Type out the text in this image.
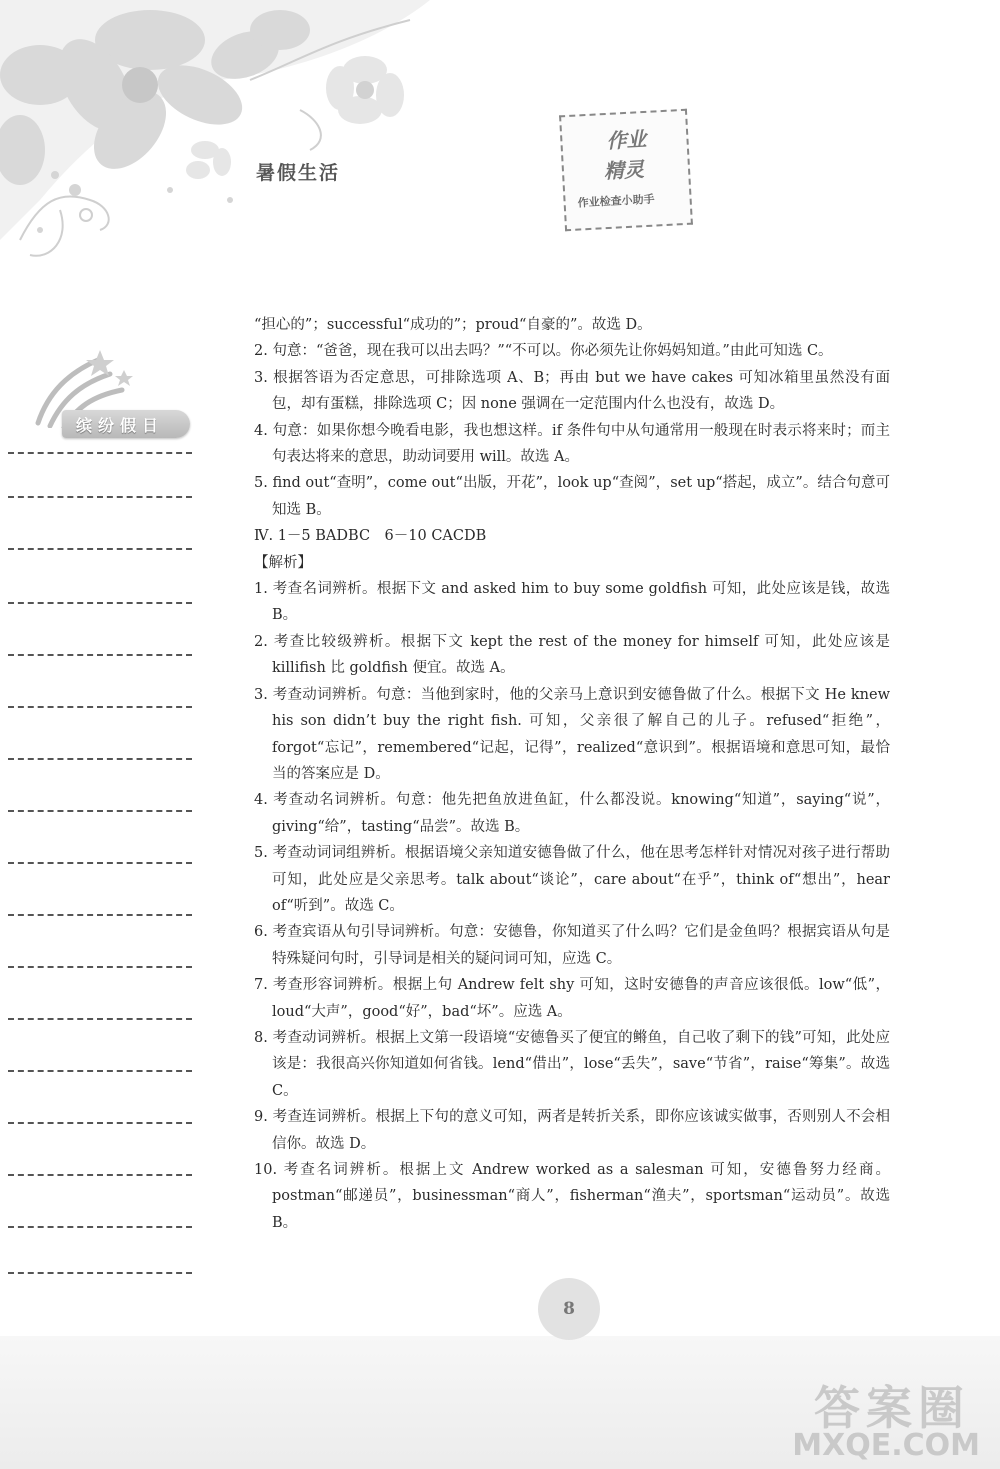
暑假生活
作业
精灵
作业检查小助手
缤纷假日

“担心的”；successful“成功的”；proud“自豪的”。故选 D。

2. 句意：“爸爸，现在我可以出去吗？”“不可以。你必须先让你妈妈知道。”由此可知选 C。

3. 根据答语为否定意思，可排除选项 A、B；再由 but we have cakes 可知冰箱里虽然没有面包，却有蛋糕，排除选项 C；因 none 强调在一定范围内什么也没有，故选 D。

4. 句意：如果你想今晚看电影，我也想这样。if 条件句中从句通常用一般现在时表示将来时；而主句表达将来的意思，助动词要用 will。故选 A。

5. find out“查明”，come out“出版，开花”，look up“查阅”，set up“搭起，成立”。结合句意可知选 B。

Ⅳ. 1－5 BADBC　6－10 CACDB

【解析】

1. 考查名词辨析。根据下文 and asked him to buy some goldfish 可知，此处应该是钱，故选 B。

2. 考查比较级辨析。根据下文 kept the rest of the money for himself 可知，此处应该是 killifish 比 goldfish 便宜。故选 A。

3. 考查动词辨析。句意：当他到家时，他的父亲马上意识到安德鲁做了什么。根据下文 He knew his son didn’t buy the right fish. 可知，父亲很了解自己的儿子。refused“拒绝”，forgot“忘记”，remembered“记起，记得”，realized“意识到”。根据语境和意思可知，最恰当的答案应是 D。

4. 考查动名词辨析。句意：他先把鱼放进鱼缸，什么都没说。knowing“知道”，saying“说”，giving“给”，tasting“品尝”。故选 B。

5. 考查动词词组辨析。根据语境父亲知道安德鲁做了什么，他在思考怎样针对情况对孩子进行帮助可知，此处应是父亲思考。talk about“谈论”，care about“在乎”，think of“想出”，hear of“听到”。故选 C。

6. 考查宾语从句引导词辨析。句意：安德鲁，你知道买了什么吗？它们是金鱼吗？根据宾语从句是特殊疑问句时，引导词是相关的疑问词可知，应选 C。

7. 考查形容词辨析。根据上句 Andrew felt shy 可知，这时安德鲁的声音应该很低。low“低”，loud“大声”，good“好”，bad“坏”。应选 A。

8. 考查动词辨析。根据上文第一段语境“安德鲁买了便宜的鳉鱼，自己收了剩下的钱”可知，此处应该是：我很高兴你知道如何省钱。lend“借出”，lose“丢失”，save“节省”，raise“筹集”。故选 C。

9. 考查连词辨析。根据上下句的意义可知，两者是转折关系，即你应该诚实做事，否则别人不会相信你。故选 D。

10. 考查名词辨析。根据上文 Andrew worked as a salesman 可知，安德鲁努力经商。postman“邮递员”，businessman“商人”，fisherman“渔夫”，sportsman“运动员”。故选 B。

8
答案圈
MXQE.COM
